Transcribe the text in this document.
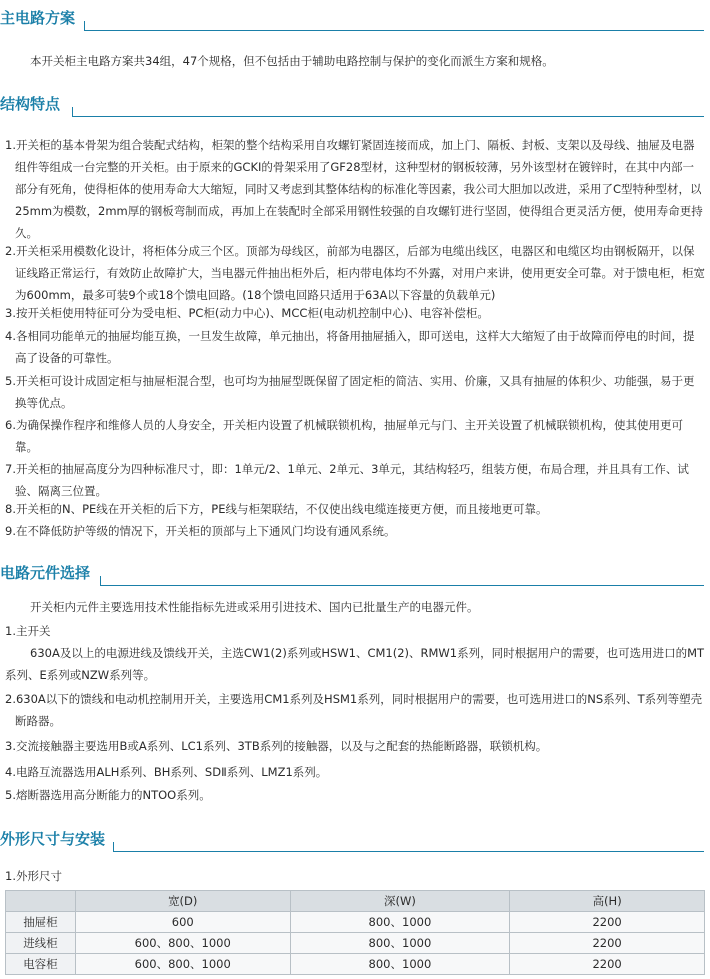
主电路方案

本开关柜主电路方案共34组，47个规格，但不包括由于辅助电路控制与保护的变化而派生方案和规格。

结构特点
1.开关柜的基本骨架为组合装配式结构，柜架的整个结构采用自攻螺钉紧固连接而成，加上门、隔板、封板、支架以及母线、抽屉及电器组件等组成一台完整的开关柜。由于原来的GCKI的骨架采用了GF28型材，这种型材的钢板较薄，另外该型材在镀锌时，在其中内部一部分有死角，使得柜体的使用寿命大大缩短，同时又考虑到其整体结构的标准化等因素，我公司大胆加以改进，采用了C型特种型材，以25mm为模数，2mm厚的钢板弯制而成，再加上在装配时全部采用钢性较强的自攻螺钉进行坚固，使得组合更灵活方便，使用寿命更持久。
2.开关柜采用模数化设计，将柜体分成三个区。顶部为母线区，前部为电器区，后部为电缆出线区，电器区和电缆区均由钢板隔开，以保证线路正常运行，有效防止故障扩大，当电器元件抽出柜外后，柜内带电体均不外露，对用户来讲，使用更安全可靠。对于馈电柜，柜宽为600mm，最多可装9个或18个馈电回路。(18个馈电回路只适用于63A以下容量的负载单元)
3.按开关柜使用特征可分为受电柜、PC柜(动力中心)、MCC柜(电动机控制中心)、电容补偿柜。
4.各相同功能单元的抽屉均能互换，一旦发生故障，单元抽出，将备用抽屉插入，即可送电，这样大大缩短了由于故障而停电的时间，提高了设备的可靠性。
5.开关柜可设计成固定柜与抽屉柜混合型，也可均为抽屉型既保留了固定柜的简洁、实用、价廉，又具有抽屉的体积少、功能强，易于更换等优点。
6.为确保操作程序和维修人员的人身安全，开关柜内设置了机械联锁机构，抽屉单元与门、主开关设置了机械联锁机构，使其使用更可靠。
7.开关柜的抽屉高度分为四种标准尺寸，即：1单元/2、1单元、2单元、3单元，其结构轻巧，组装方便，布局合理，并且具有工作、试验、隔离三位置。
8.开关柜的N、PE线在开关柜的后下方，PE线与柜架联结，不仅使出线电缆连接更方便，而且接地更可靠。
9.在不降低防护等级的情况下，开关柜的顶部与上下通风门均设有通风系统。
电路元件选择

开关柜内元件主要选用技术性能指标先进或采用引进技术、国内已批量生产的电器元件。

1.主开关

630A及以上的电源进线及馈线开关，主选CW1(2)系列或HSW1、CM1(2)、RMW1系列，同时根据用户的需要，也可选用进口的MT系列、E系列或NZW系列等。
2.630A以下的馈线和电动机控制用开关，主要选用CM1系列及HSM1系列，同时根据用户的需要，也可选用进口的NS系列、T系列等塑壳断路器。
3.交流接触器主要选用B或A系列、LC1系列、3TB系列的接触器，以及与之配套的热能断路器，联锁机构。
4.电路互流器选用ALH系列、BH系列、SDⅡ系列、LMZ1系列。
5.熔断器选用高分断能力的NTOO系列。
外形尺寸与安装

1.外形尺寸

	宽(D)	深(W)	高(H)
抽屉柜	600	800、1000	2200
进线柜	600、800、1000	800、1000	2200
电容柜	600、800、1000	800、1000	2200
